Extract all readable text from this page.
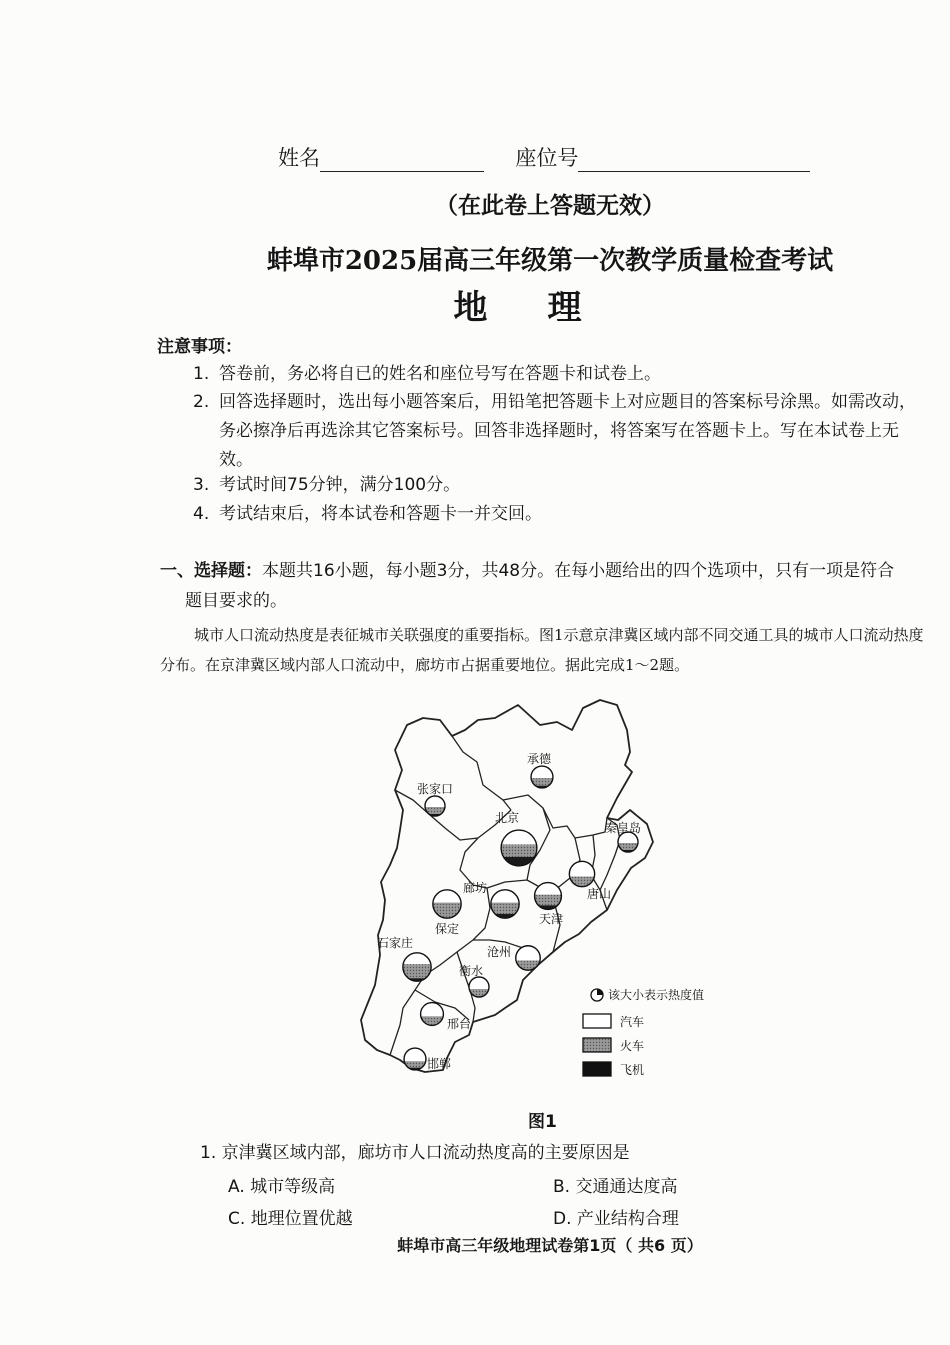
姓名	座位号
（在此卷上答题无效）
蚌埠市2025届高三年级第一次教学质量检查考试
地理
注意事项：
1. 答卷前，务必将自已的姓名和座位号写在答题卡和试卷上。
2. 回答选择题时，选出每小题答案后，用铅笔把答题卡上对应题目的答案标号涂黑。如需改动，务必擦净后再选涂其它答案标号。回答非选择题时，将答案写在答题卡上。写在本试卷上无效。
3. 考试时间75分钟，满分100分。
4. 考试结束后，将本试卷和答题卡一并交回。
一、选择题：本题共16小题，每小题3分，共48分。在每小题给出的四个选项中，只有一项是符合
题目要求的。
城市人口流动热度是表征城市关联强度的重要指标。图1示意京津冀区域内部不同交通工具的城市人口流动热度分布。在京津冀区域内部人口流动中，廊坊市占据重要地位。据此完成1～2题。
承德
张家口
北京
秦皇岛
唐山
保定
廊坊
天津
石家庄
沧州
衡水
邢台
邯郸
该大小表示热度值
汽车
火车
飞机
图1
1. 京津冀区域内部，廊坊市人口流动热度高的主要原因是
A. 城市等级高	B. 交通通达度高
C. 地理位置优越	D. 产业结构合理
蚌埠市高三年级地理试卷第1页（ 共6 页）
